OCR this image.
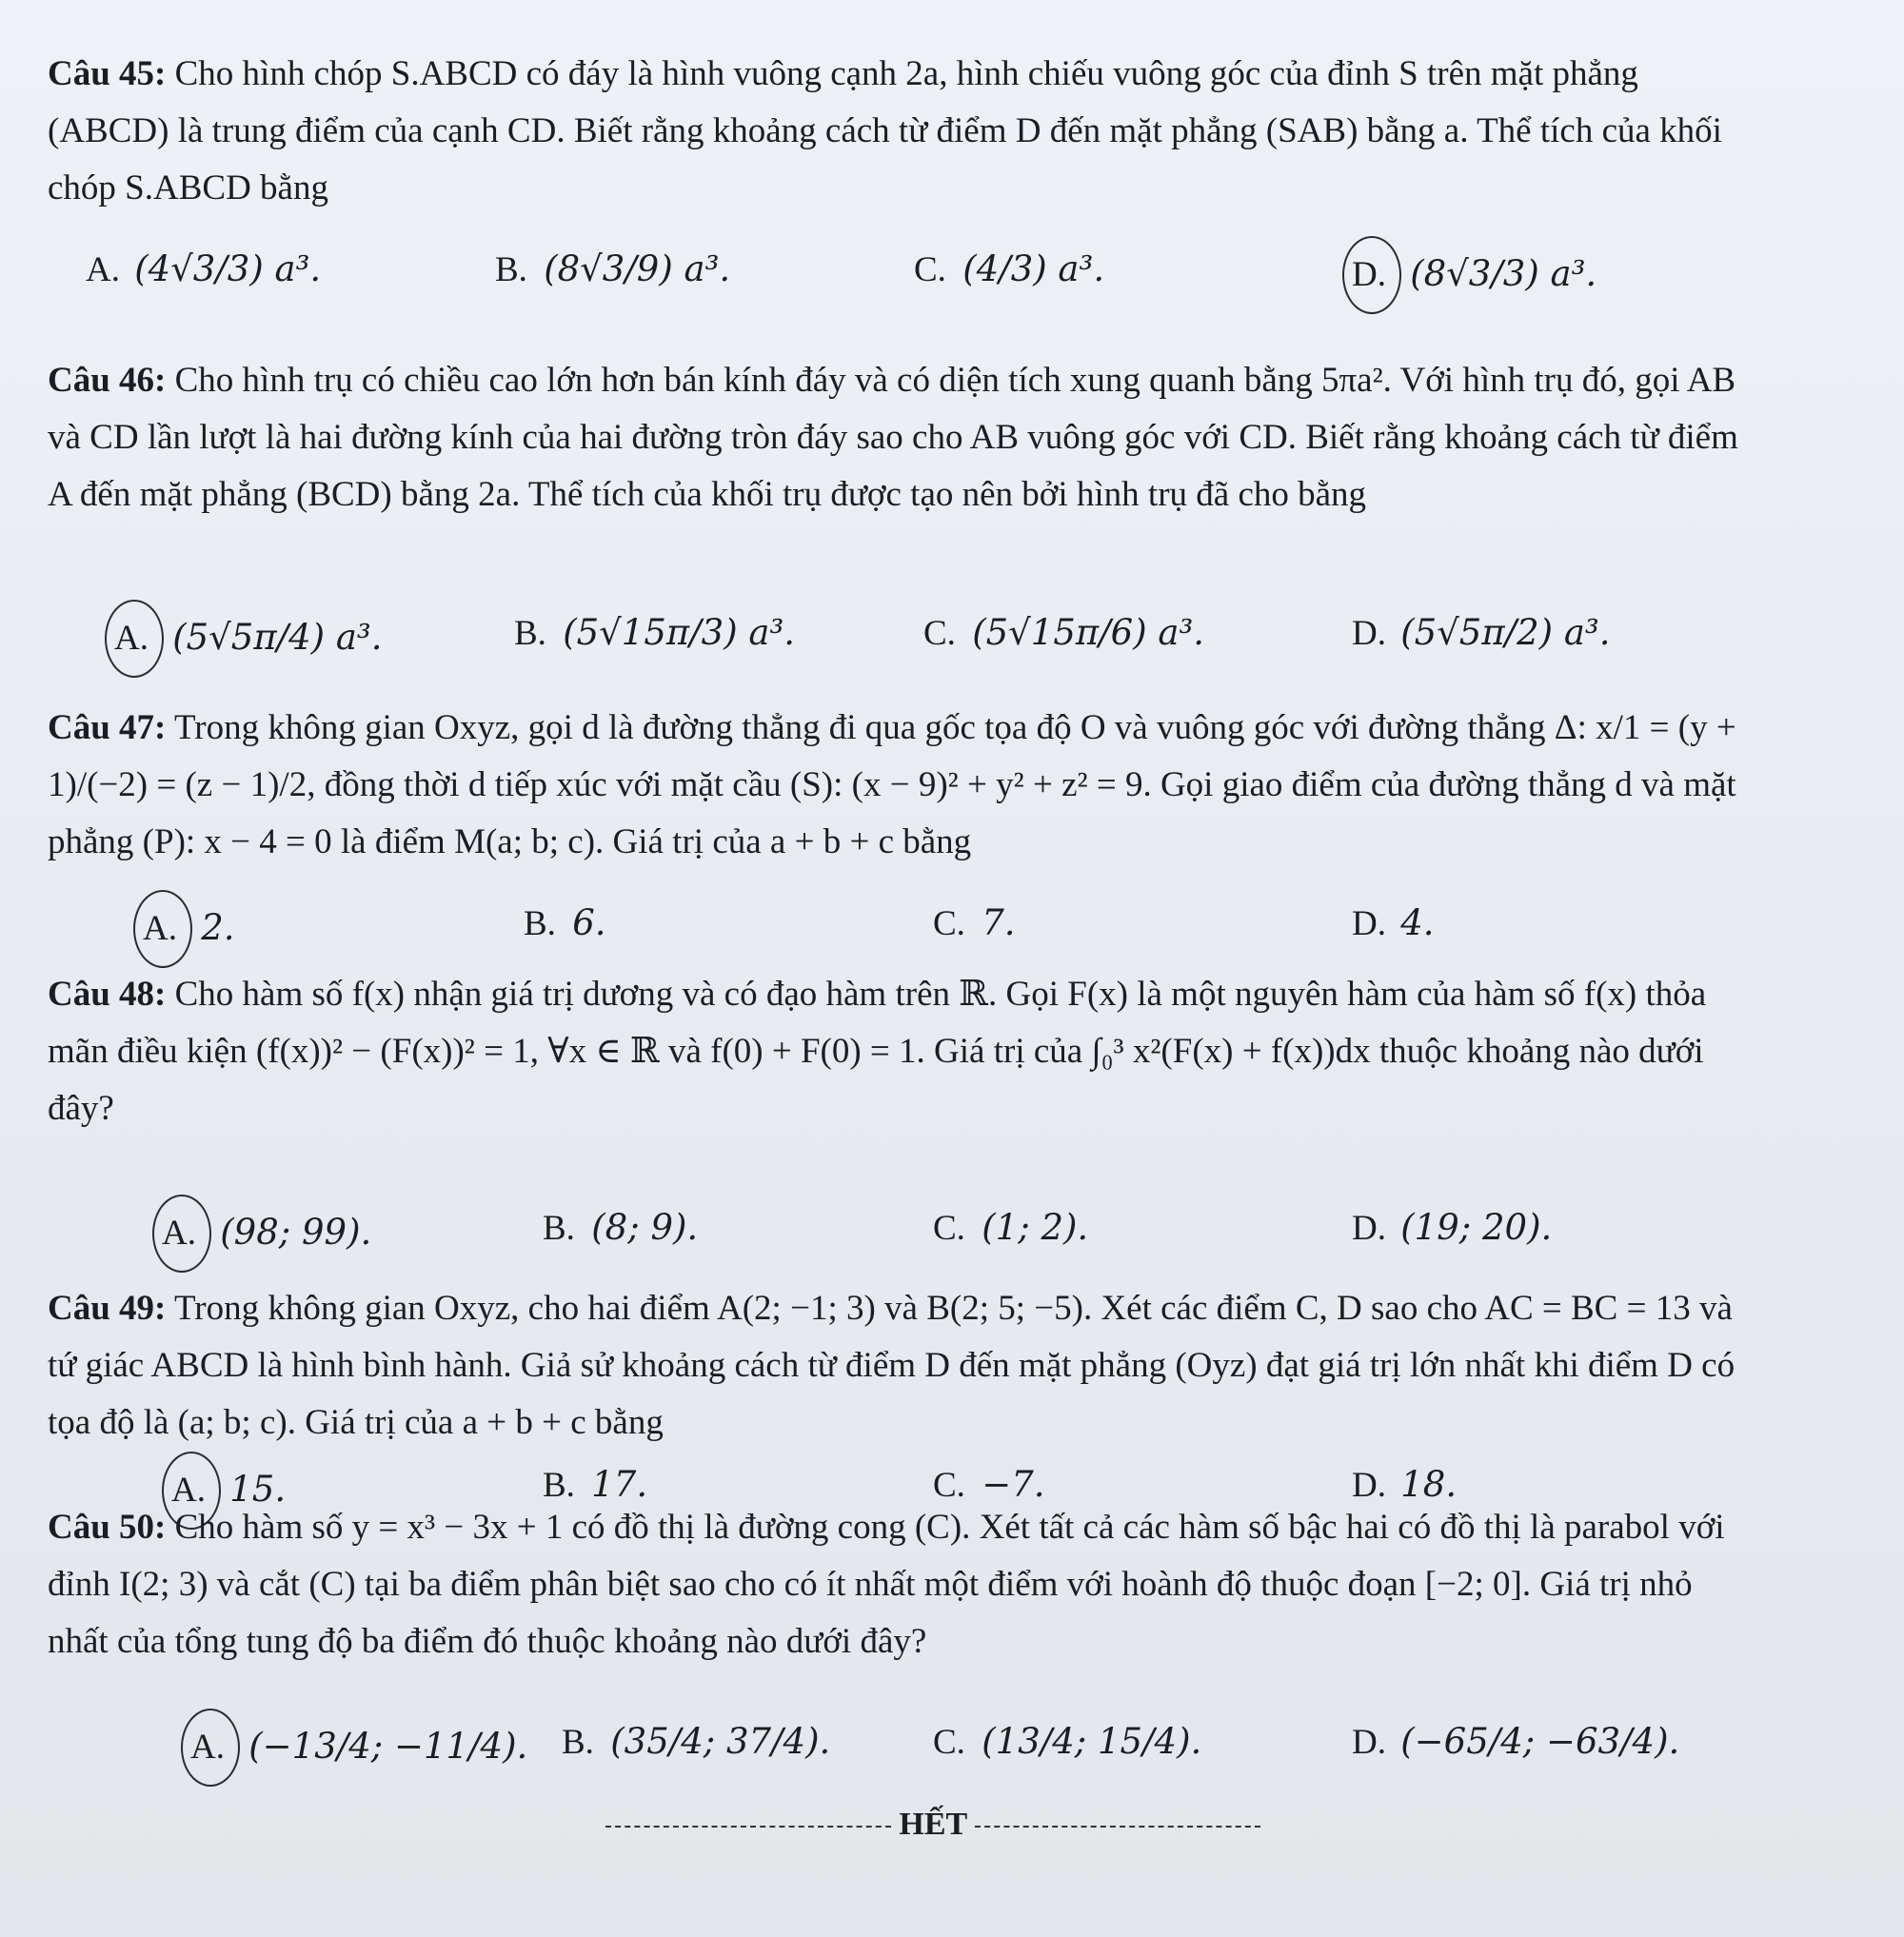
Câu 45: Cho hình chóp S.ABCD có đáy là hình vuông cạnh 2a, hình chiếu vuông góc của đỉnh S trên mặt phẳng (ABCD) là trung điểm của cạnh CD. Biết rằng khoảng cách từ điểm D đến mặt phẳng (SAB) bằng a. Thể tích của khối chóp S.ABCD bằng
A. (4√3/3) a³.	B. (8√3/9) a³.	C. (4/3) a³.	D. (8√3/3) a³.
Câu 46: Cho hình trụ có chiều cao lớn hơn bán kính đáy và có diện tích xung quanh bằng 5πa². Với hình trụ đó, gọi AB và CD lần lượt là hai đường kính của hai đường tròn đáy sao cho AB vuông góc với CD. Biết rằng khoảng cách từ điểm A đến mặt phẳng (BCD) bằng 2a. Thể tích của khối trụ được tạo nên bởi hình trụ đã cho bằng
A. (5√5π/4) a³.	B. (5√15π/3) a³.	C. (5√15π/6) a³.	D. (5√5π/2) a³.
Câu 47: Trong không gian Oxyz, gọi d là đường thẳng đi qua gốc tọa độ O và vuông góc với đường thẳng Δ: x/1 = (y + 1)/(−2) = (z − 1)/2, đồng thời d tiếp xúc với mặt cầu (S): (x − 9)² + y² + z² = 9. Gọi giao điểm của đường thẳng d và mặt phẳng (P): x − 4 = 0 là điểm M(a; b; c). Giá trị của a + b + c bằng
A. 2.	B. 6.	C. 7.	D. 4.
Câu 48: Cho hàm số f(x) nhận giá trị dương và có đạo hàm trên ℝ. Gọi F(x) là một nguyên hàm của hàm số f(x) thỏa mãn điều kiện (f(x))² − (F(x))² = 1, ∀x ∈ ℝ và f(0) + F(0) = 1. Giá trị của ∫₀³ x²(F(x) + f(x))dx thuộc khoảng nào dưới đây?
A. (98; 99).	B. (8; 9).	C. (1; 2).	D. (19; 20).
Câu 49: Trong không gian Oxyz, cho hai điểm A(2; −1; 3) và B(2; 5; −5). Xét các điểm C, D sao cho AC = BC = 13 và tứ giác ABCD là hình bình hành. Giả sử khoảng cách từ điểm D đến mặt phẳng (Oyz) đạt giá trị lớn nhất khi điểm D có tọa độ là (a; b; c). Giá trị của a + b + c bằng
A. 15.	B. 17.	C. −7.	D. 18.
Câu 50: Cho hàm số y = x³ − 3x + 1 có đồ thị là đường cong (C). Xét tất cả các hàm số bậc hai có đồ thị là parabol với đỉnh I(2; 3) và cắt (C) tại ba điểm phân biệt sao cho có ít nhất một điểm với hoành độ thuộc đoạn [−2; 0]. Giá trị nhỏ nhất của tổng tung độ ba điểm đó thuộc khoảng nào dưới đây?
A. (−13/4; −11/4). B. (35/4; 37/4).	C. (13/4; 15/4).	D. (−65/4; −63/4).
HẾT
